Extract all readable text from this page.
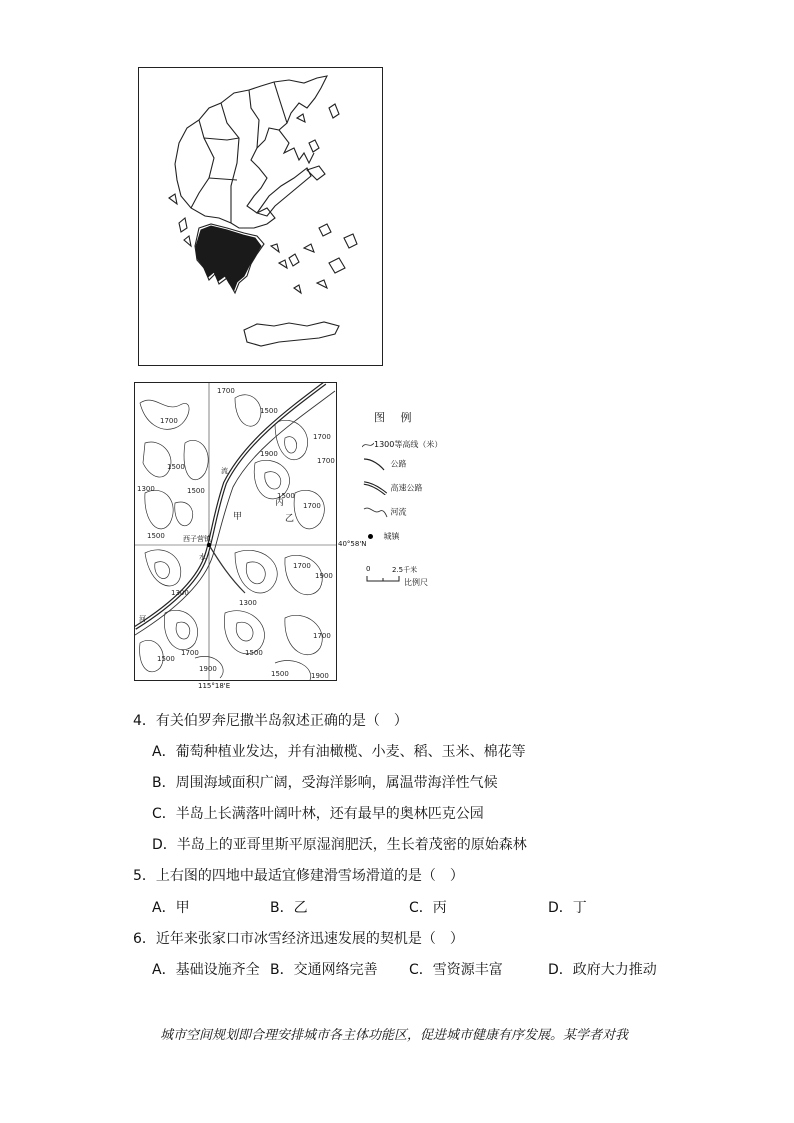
1700
1700
1500
1700
1700
1500
1500
1300
1500
1900
1700
1500
1700
1300
1900
1300
1700
1700
1500
1900
1500
1500	1900
甲
丙
乙
西子营镇
流
水
河
40°58'N
115°18'E
图 例
1300等高线（米）
公路
高速公路
河流
城镇
0	2.5千米
比例尺
4．有关伯罗奔尼撒半岛叙述正确的是（　）
A．葡萄种植业发达，并有油橄榄、小麦、稻、玉米、棉花等
B．周围海域面积广阔，受海洋影响，属温带海洋性气候
C．半岛上长满落叶阔叶林，还有最早的奥林匹克公园
D．半岛上的亚哥里斯平原湿润肥沃，生长着茂密的原始森林
5．上右图的四地中最适宜修建滑雪场滑道的是（　）
A．甲	B．乙	C．丙	D．丁
6．近年来张家口市冰雪经济迅速发展的契机是（　）
A．基础设施齐全 B．交通网络完善 C．雪资源丰富	D．政府大力推动
城市空间规划即合理安排城市各主体功能区，促进城市健康有序发展。某学者对我
